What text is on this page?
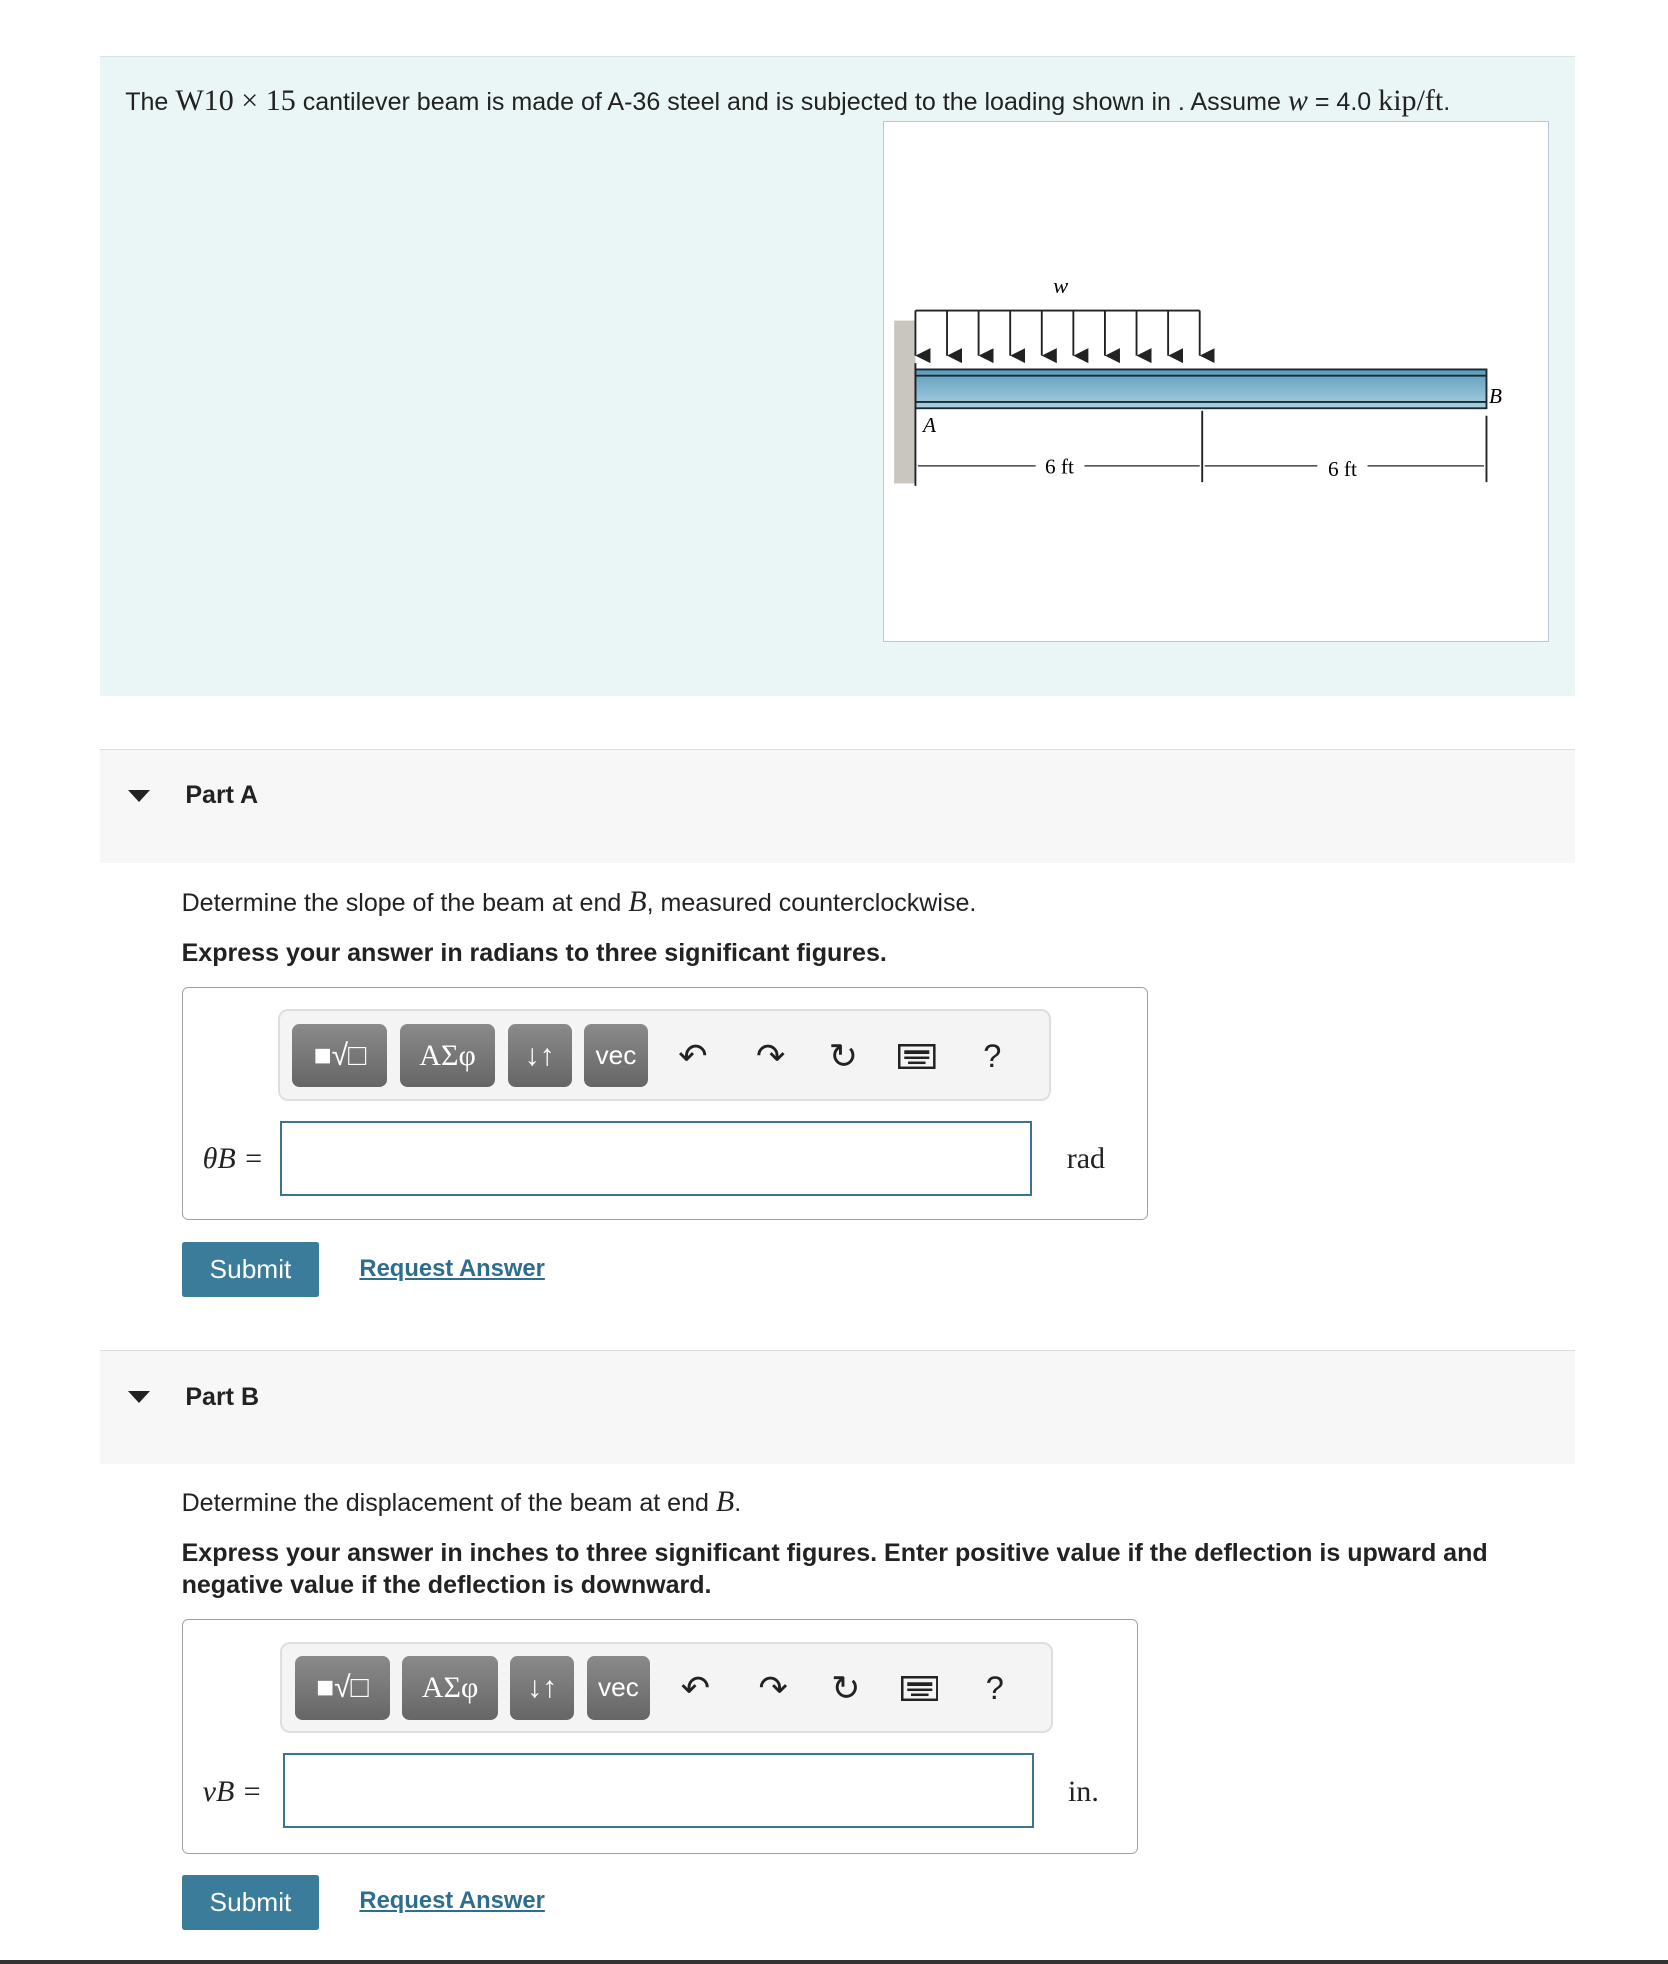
The W10 × 15 cantilever beam is made of A-36 steel and is subjected to the loading shown in . Assume w = 4.0 kip/ft.
w
A
B
6 ft	6 ft
Part A
Determine the slope of the beam at end B, measured counterclockwise.
Express your answer in radians to three significant figures.
■√□	ΑΣφ	↓↑	vec	↶ ↷ ↻	?
θB =	rad
Submit	Request Answer
Part B
Determine the displacement of the beam at end B.
Express your answer in inches to three significant figures. Enter positive value if the deflection is upward and negative value if the deflection is downward.
■√□	ΑΣφ	↓↑	vec	↶ ↷ ↻	?
vB =	in.
Submit	Request Answer
